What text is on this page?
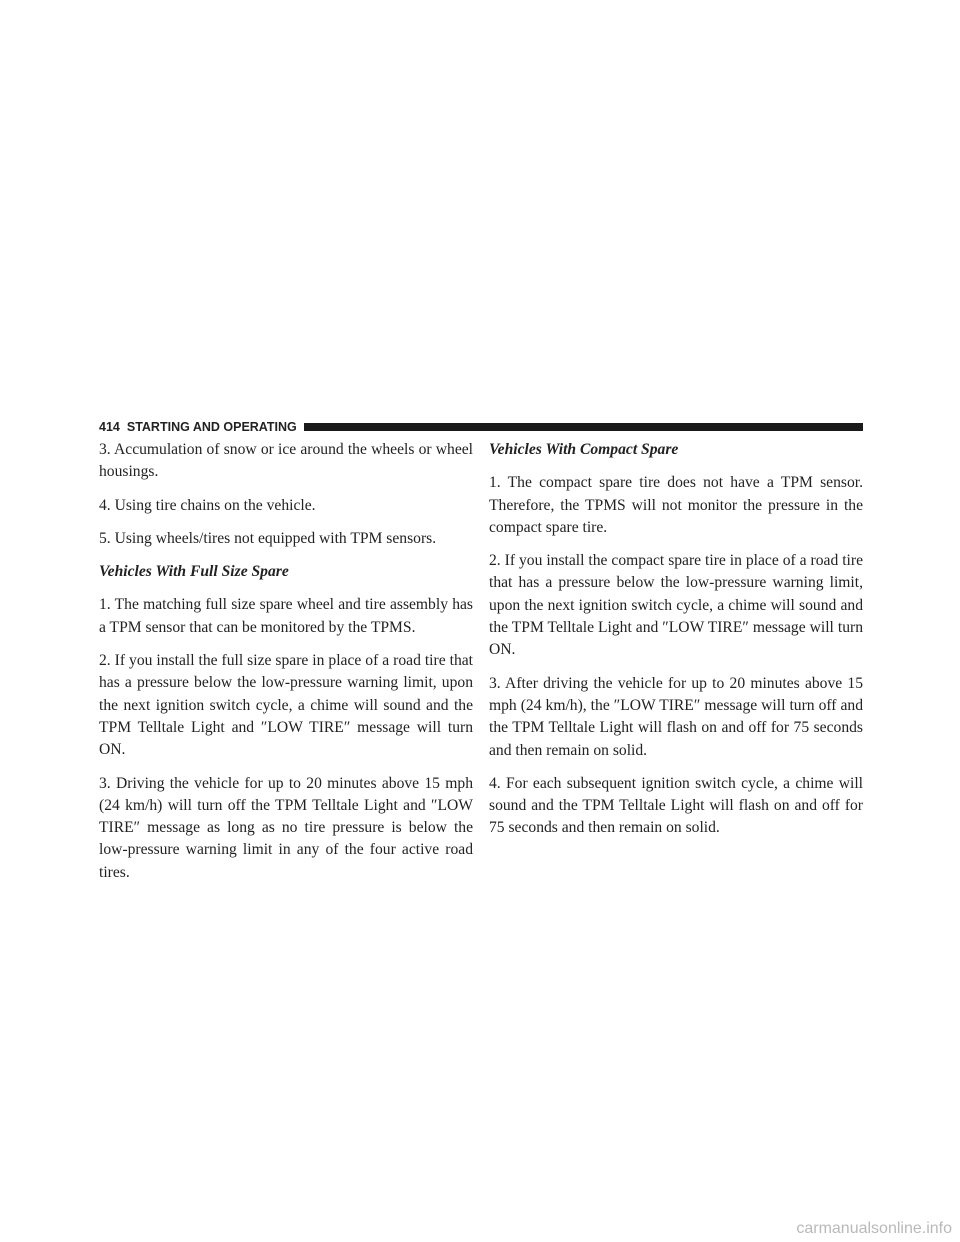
414 STARTING AND OPERATING

3. Accumulation of snow or ice around the wheels or wheel housings.

4. Using tire chains on the vehicle.

5. Using wheels/tires not equipped with TPM sensors.

Vehicles With Full Size Spare

1. The matching full size spare wheel and tire assembly has a TPM sensor that can be monitored by the TPMS.

2. If you install the full size spare in place of a road tire that has a pressure below the low-pressure warning limit, upon the next ignition switch cycle, a chime will sound and the TPM Telltale Light and ″LOW TIRE″ message will turn ON.

3. Driving the vehicle for up to 20 minutes above 15 mph (24 km/h) will turn off the TPM Telltale Light and ″LOW TIRE″ message as long as no tire pressure is below the low-pressure warning limit in any of the four active road tires.

Vehicles With Compact Spare

1. The compact spare tire does not have a TPM sensor. Therefore, the TPMS will not monitor the pressure in the compact spare tire.

2. If you install the compact spare tire in place of a road tire that has a pressure below the low-pressure warning limit, upon the next ignition switch cycle, a chime will sound and the TPM Telltale Light and ″LOW TIRE″ message will turn ON.

3. After driving the vehicle for up to 20 minutes above 15 mph (24 km/h), the ″LOW TIRE″ message will turn off and the TPM Telltale Light will flash on and off for 75 seconds and then remain on solid.

4. For each subsequent ignition switch cycle, a chime will sound and the TPM Telltale Light will flash on and off for 75 seconds and then remain on solid.

carmanualsonline.info
